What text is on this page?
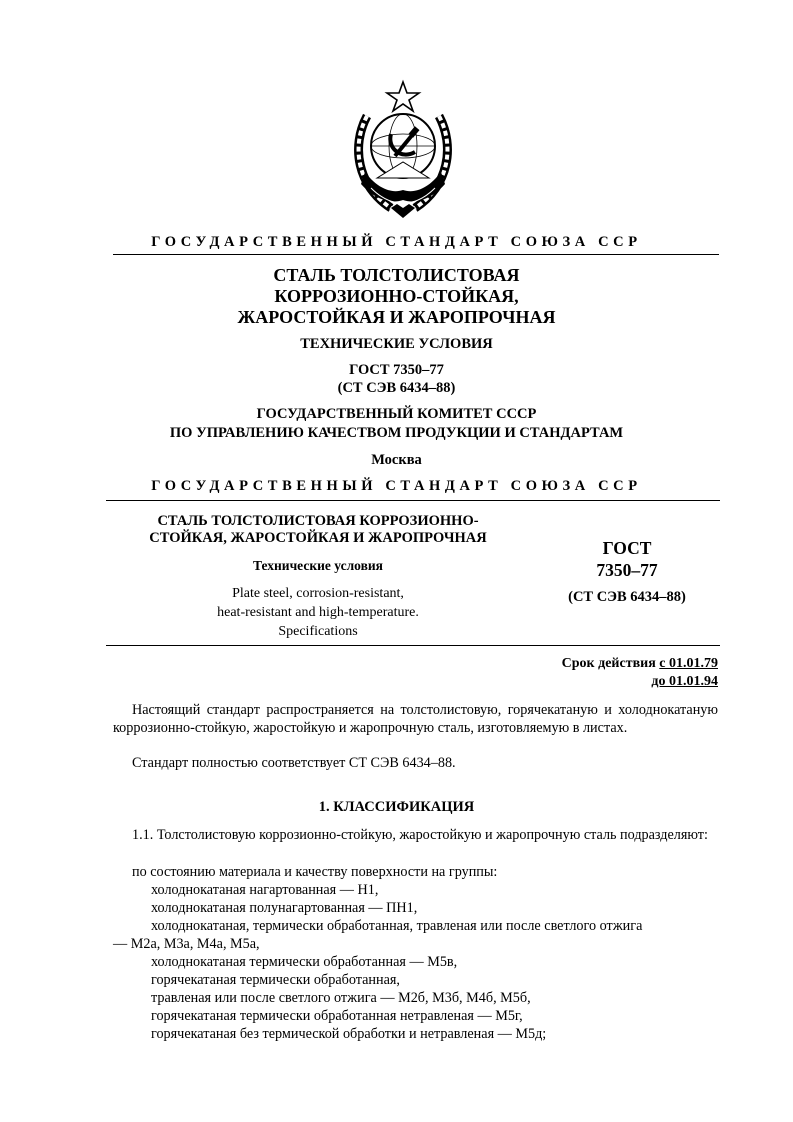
ГОСУДАРСТВЕННЫЙ СТАНДАРТ СОЮЗА ССР
СТАЛЬ ТОЛСТОЛИСТОВАЯ
КОРРОЗИОННО-СТОЙКАЯ,
ЖАРОСТОЙКАЯ И ЖАРОПРОЧНАЯ
ТЕХНИЧЕСКИЕ УСЛОВИЯ
ГОСТ 7350–77
(СТ СЭВ 6434–88)
ГОСУДАРСТВЕННЫЙ КОМИТЕТ СССР
ПО УПРАВЛЕНИЮ КАЧЕСТВОМ ПРОДУКЦИИ И СТАНДАРТАМ
Москва
ГОСУДАРСТВЕННЫЙ СТАНДАРТ СОЮЗА ССР
СТАЛЬ ТОЛСТОЛИСТОВАЯ КОРРОЗИОННО-
СТОЙКАЯ, ЖАРОСТОЙКАЯ И ЖАРОПРОЧНАЯ
Технические условия
Plate steel, corrosion-resistant,
heat-resistant and high-temperature.
Specifications
ГОСТ
7350–77
(СТ СЭВ 6434–88)
Срок действия с 01.01.79
до 01.01.94
Настоящий стандарт распространяется на толстолистовую, горячекатаную и холоднокатаную коррозионно-стойкую, жаростойкую и жаропрочную сталь, изготовляемую в листах.
Стандарт полностью соответствует СТ СЭВ 6434–88.
1. КЛАССИФИКАЦИЯ
1.1. Толстолистовую коррозионно-стойкую, жаростойкую и жаропрочную сталь подразделяют:
по состоянию материала и качеству поверхности на группы:
холоднокатаная нагартованная — Н1,
холоднокатаная полунагартованная — ПН1,
холоднокатаная, термически обработанная, травленая или после светлого отжига
— М2а, М3а, М4а, М5а,
холоднокатаная термически обработанная — М5в,
горячекатаная термически обработанная,
травленая или после светлого отжига — М2б, М3б, М4б, М5б,
горячекатаная термически обработанная нетравленая — М5г,
горячекатаная без термической обработки и нетравленая — М5д;
